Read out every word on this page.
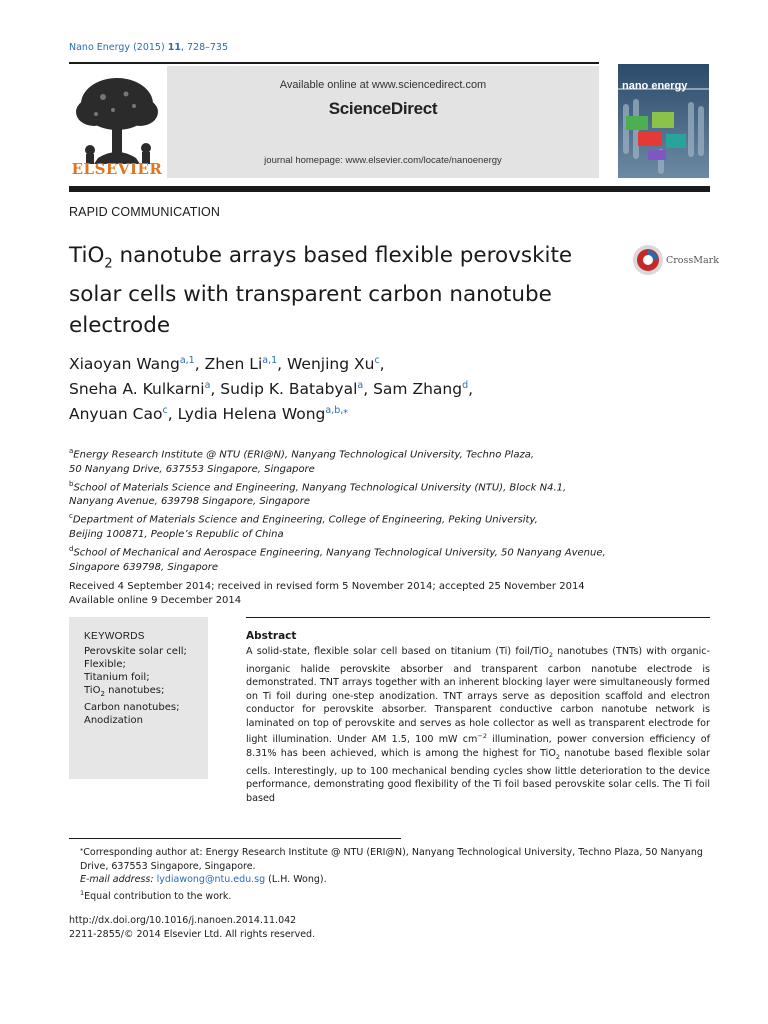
Nano Energy (2015) 11, 728–735
ELSEVIER
Available online at www.sciencedirect.com
ScienceDirect
journal homepage: www.elsevier.com/locate/nanoenergy
nano energy
RAPID COMMUNICATION
TiO$_2$ nanotube arrays based flexible perovskite solar cells with transparent carbon nanotube electrode
CrossMark
Xiaoyan Wang$^{a,1}$, Zhen Li$^{a,1}$, Wenjing Xu$^c$,
Sneha A. Kulkarni$^a$, Sudip K. Batabyal$^a$, Sam Zhang$^d$,
Anyuan Cao$^c$, Lydia Helena Wong$^{a,b,⁎}$
$^a$Energy Research Institute @ NTU (ERI@N), Nanyang Technological University, Techno Plaza,
50 Nanyang Drive, 637553 Singapore, Singapore
$^b$School of Materials Science and Engineering, Nanyang Technological University (NTU), Block N4.1,
Nanyang Avenue, 639798 Singapore, Singapore
$^c$Department of Materials Science and Engineering, College of Engineering, Peking University,
Beijing 100871, People’s Republic of China
$^d$School of Mechanical and Aerospace Engineering, Nanyang Technological University, 50 Nanyang Avenue,
Singapore 639798, Singapore
Received 4 September 2014; received in revised form 5 November 2014; accepted 25 November 2014
Available online 9 December 2014
KEYWORDS
Perovskite solar cell;
Flexible;
Titanium foil;
TiO$_2$ nanotubes;
Carbon nanotubes;
Anodization
Abstract
A solid-state, flexible solar cell based on titanium (Ti) foil/TiO$_2$ nanotubes (TNTs) with organic-inorganic halide perovskite absorber and transparent carbon nanotube electrode is demonstrated. TNT arrays together with an inherent blocking layer were simultaneously formed on Ti foil during one-step anodization. TNT arrays serve as deposition scaffold and electron conductor for perovskite absorber. Transparent conductive carbon nanotube network is laminated on top of perovskite and serves as hole collector as well as transparent electrode for light illumination. Under AM 1.5, 100 mW $cm^{-2}$ illumination, power conversion efficiency of 8.31% has been achieved, which is among the highest for TiO$_2$ nanotube based flexible solar cells. Interestingly, up to 100 mechanical bending cycles show little deterioration to the device performance, demonstrating good flexibility of the Ti foil based perovskite solar cells. The Ti foil based

⁎Corresponding author at: Energy Research Institute @ NTU (ERI@N), Nanyang Technological University, Techno Plaza, 50 Nanyang Drive, 637553 Singapore, Singapore.

E-mail address: lydiawong@ntu.edu.sg (L.H. Wong).

$^1$Equal contribution to the work.

http://dx.doi.org/10.1016/j.nanoen.2014.11.042
2211-2855/© 2014 Elsevier Ltd. All rights reserved.
